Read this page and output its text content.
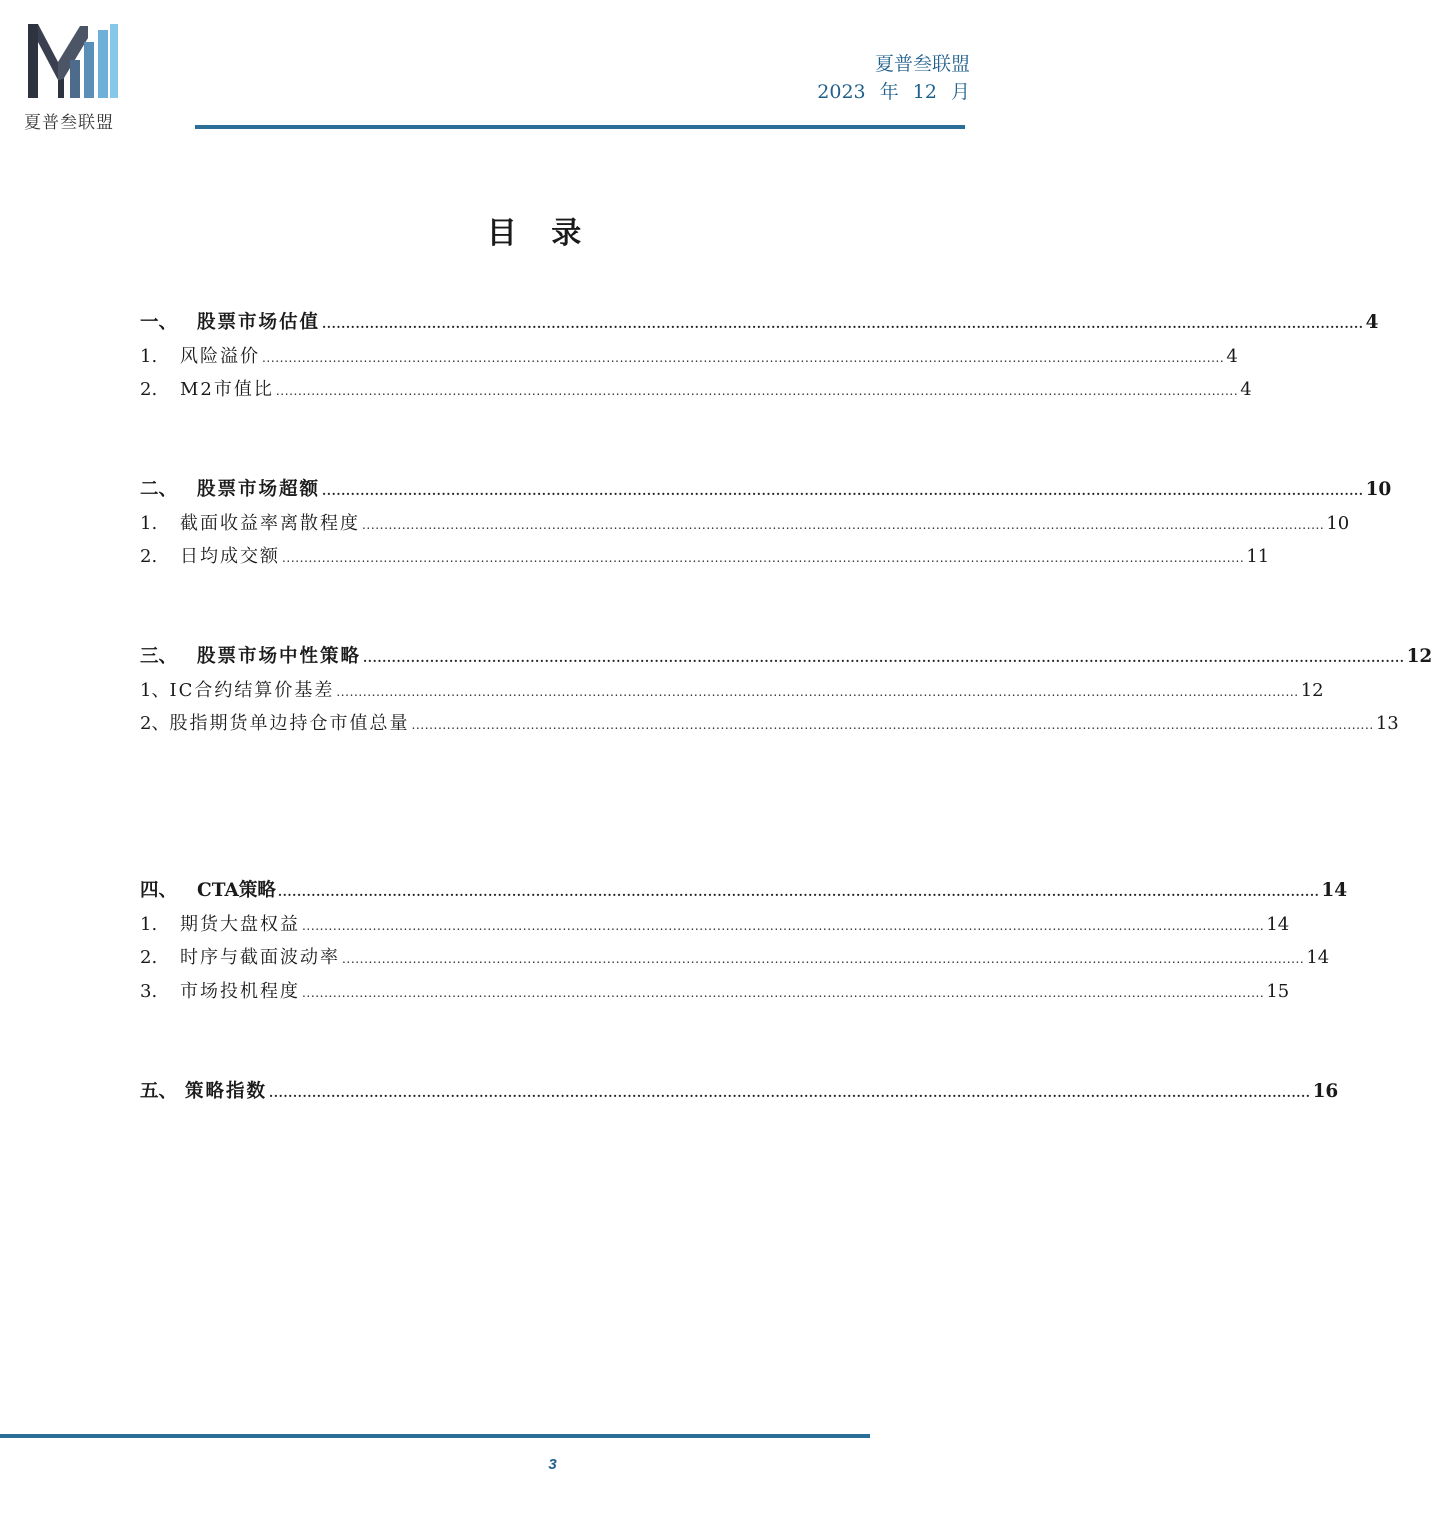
夏普叁联盟
夏普叁联盟
2023 年 12 月
目 录
一、	股票市场估值 .......................................................................................................................................................................................................................... 4
1.	风险溢价 .......................................................................................................................................................................................................................... 4
2.	M2市值比 .......................................................................................................................................................................................................................... 4
二、	股票市场超额 .......................................................................................................................................................................................................................... 10
1.	截面收益率离散程度 .......................................................................................................................................................................................................................... 10
2.	日均成交额 .......................................................................................................................................................................................................................... 11
三、	股票市场中性策略 .......................................................................................................................................................................................................................... 12
1、 IC合约结算价基差 .......................................................................................................................................................................................................................... 12
2、 股指期货单边持仓市值总量 .......................................................................................................................................................................................................................... 13
四、	CTA策略 .......................................................................................................................................................................................................................... 14
1.	期货大盘权益 .......................................................................................................................................................................................................................... 14
2.	时序与截面波动率 .......................................................................................................................................................................................................................... 14
3.	市场投机程度 .......................................................................................................................................................................................................................... 15
五、 策略指数 .......................................................................................................................................................................................................................... 16
3
